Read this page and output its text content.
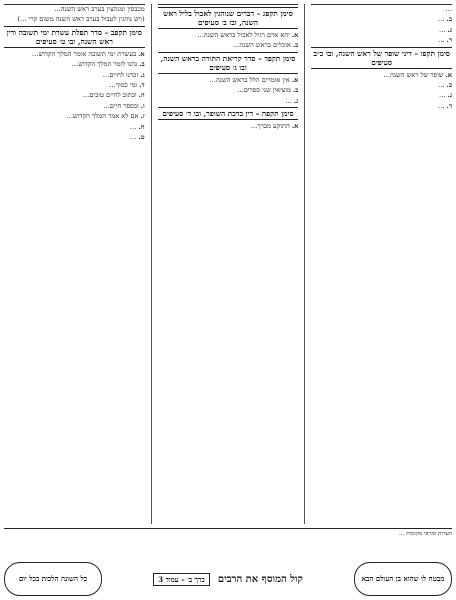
מכבסין ומגהצין בערב ראש השנה…

(ויש נוהגין לטבול בערב ראש השנה משום קרי …)

סימן תקפב – סדר תפלת עשרת ימי תשובה ודין ראש השנה, ובו ט׳ סעיפים

א.בעשרת ימי תשובה אומר המלך הקדוש…

ב.נהגו לומר המלך הקדוש…

ג.זכרנו לחיים…

ד.ומי כמוך…

ה.וכתוב לחיים טובים…

ו.ובספר חיים…

ז.אם לא אמר המלך הקדוש…

ח.…

ט.…

סימן תקפג – דברים שנוהגין לאכול בליל ראש השנה, ובו ב׳ סעיפים

א.יהא אדם רגיל לאכול בראש השנה…

ב.אוכלים בראש השנה…

סימן תקפד – סדר קריאת התורה בראש השנה, ובו ג׳ סעיפים

א.אין אומרים הלל בראש השנה…

ב.מוציאין שני ספרים…

ג.…

סימן תקפה – דין ברכת השופר, ובו ד׳ סעיפים

א.התוקע מברך…

…

ב.…

ג.…

ד.…

סימן תקפו – דיני שופר של ראש השנה, ובו כ״ב סעיפים

א.שופר של ראש השנה…

ב.…

ג.…

ד.…

הערות ומראי מקומות …
כל השונה הלכות בכל יום	קול המוסף את הרבים
כרך ב׳ – עמוד 3	מבטח לו שהוא בן העולם הבא
